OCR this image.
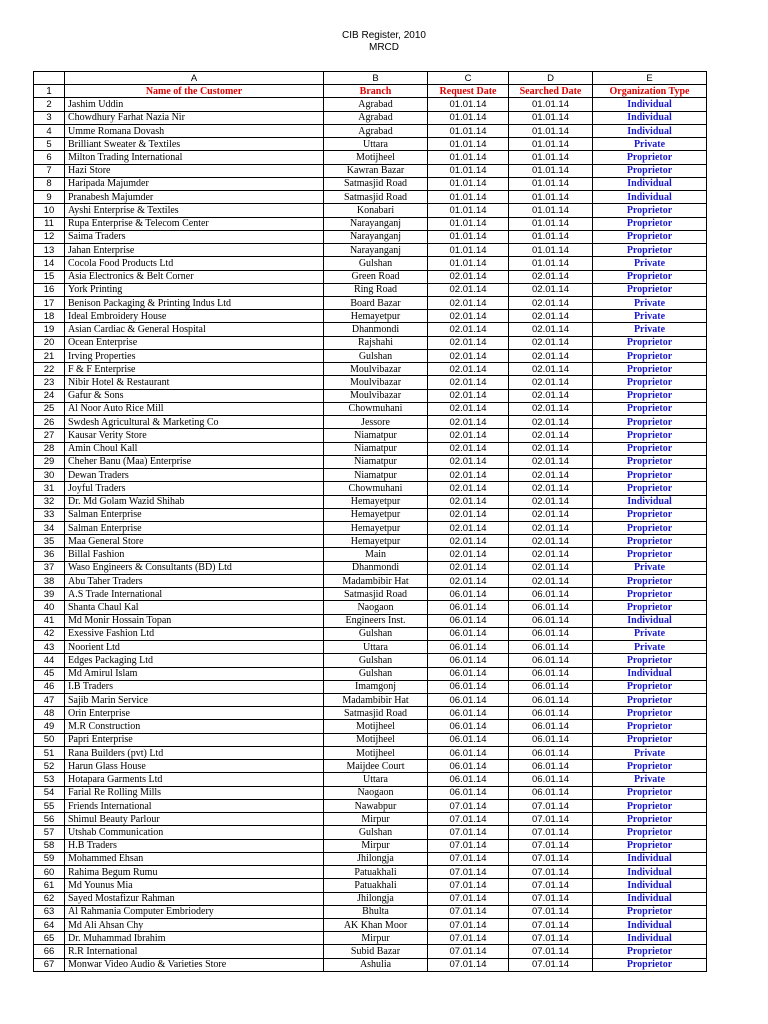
CIB Register, 2010
MRCD
	A	B	C	D	E
1	Name of the Customer	Branch	Request Date	Searched Date	Organization Type
2	Jashim Uddin	Agrabad	01.01.14	01.01.14	Individual
3	Chowdhury Farhat Nazia Nir	Agrabad	01.01.14	01.01.14	Individual
4	Umme Romana Dovash	Agrabad	01.01.14	01.01.14	Individual
5	Brilliant Sweater & Textiles	Uttara	01.01.14	01.01.14	Private
6	Milton Trading International	Motijheel	01.01.14	01.01.14	Proprietor
7	Hazi Store	Kawran Bazar	01.01.14	01.01.14	Proprietor
8	Haripada Majumder	Satmasjid Road	01.01.14	01.01.14	Individual
9	Pranabesh Majumder	Satmasjid Road	01.01.14	01.01.14	Individual
10	Ayshi Enterprise & Textiles	Konabari	01.01.14	01.01.14	Proprietor
11	Rupa Enterprise & Telecom Center	Narayanganj	01.01.14	01.01.14	Proprietor
12	Saima Traders	Narayanganj	01.01.14	01.01.14	Proprietor
13	Jahan Enterprise	Narayanganj	01.01.14	01.01.14	Proprietor
14	Cocola Food Products Ltd	Gulshan	01.01.14	01.01.14	Private
15	Asia Electronics & Belt Corner	Green Road	02.01.14	02.01.14	Proprietor
16	York Printing	Ring Road	02.01.14	02.01.14	Proprietor
17	Benison Packaging & Printing Indus Ltd	Board Bazar	02.01.14	02.01.14	Private
18	Ideal Embroidery House	Hemayetpur	02.01.14	02.01.14	Private
19	Asian Cardiac & General Hospital	Dhanmondi	02.01.14	02.01.14	Private
20	Ocean Enterprise	Rajshahi	02.01.14	02.01.14	Proprietor
21	Irving Properties	Gulshan	02.01.14	02.01.14	Proprietor
22	F & F Enterprise	Moulvibazar	02.01.14	02.01.14	Proprietor
23	Nibir Hotel & Restaurant	Moulvibazar	02.01.14	02.01.14	Proprietor
24	Gafur & Sons	Moulvibazar	02.01.14	02.01.14	Proprietor
25	Al Noor Auto Rice Mill	Chowmuhani	02.01.14	02.01.14	Proprietor
26	Swdesh Agricultural & Marketing Co	Jessore	02.01.14	02.01.14	Proprietor
27	Kausar Verity Store	Niamatpur	02.01.14	02.01.14	Proprietor
28	Amin Choul Kall	Niamatpur	02.01.14	02.01.14	Proprietor
29	Cheher Banu (Maa) Enterprise	Niamatpur	02.01.14	02.01.14	Proprietor
30	Dewan Traders	Niamatpur	02.01.14	02.01.14	Proprietor
31	Joyful Traders	Chowmuhani	02.01.14	02.01.14	Proprietor
32	Dr. Md Golam Wazid Shihab	Hemayetpur	02.01.14	02.01.14	Individual
33	Salman Enterprise	Hemayetpur	02.01.14	02.01.14	Proprietor
34	Salman Enterprise	Hemayetpur	02.01.14	02.01.14	Proprietor
35	Maa General Store	Hemayetpur	02.01.14	02.01.14	Proprietor
36	Billal Fashion	Main	02.01.14	02.01.14	Proprietor
37	Waso Engineers & Consultants (BD) Ltd	Dhanmondi	02.01.14	02.01.14	Private
38	Abu Taher Traders	Madambibir Hat	02.01.14	02.01.14	Proprietor
39	A.S Trade International	Satmasjid Road	06.01.14	06.01.14	Proprietor
40	Shanta Chaul Kal	Naogaon	06.01.14	06.01.14	Proprietor
41	Md Monir Hossain Topan	Engineers Inst.	06.01.14	06.01.14	Individual
42	Exessive Fashion Ltd	Gulshan	06.01.14	06.01.14	Private
43	Noorient Ltd	Uttara	06.01.14	06.01.14	Private
44	Edges Packaging Ltd	Gulshan	06.01.14	06.01.14	Proprietor
45	Md Amirul Islam	Gulshan	06.01.14	06.01.14	Individual
46	I.B Traders	Imamgonj	06.01.14	06.01.14	Proprietor
47	Sajib Marin Service	Madambibir Hat	06.01.14	06.01.14	Proprietor
48	Orin Enterprise	Satmasjid Road	06.01.14	06.01.14	Proprietor
49	M.R Construction	Motijheel	06.01.14	06.01.14	Proprietor
50	Papri Enterprise	Motijheel	06.01.14	06.01.14	Proprietor
51	Rana Builders (pvt) Ltd	Motijheel	06.01.14	06.01.14	Private
52	Harun Glass House	Maijdee Court	06.01.14	06.01.14	Proprietor
53	Hotapara Garments Ltd	Uttara	06.01.14	06.01.14	Private
54	Farial Re Rolling Mills	Naogaon	06.01.14	06.01.14	Proprietor
55	Friends International	Nawabpur	07.01.14	07.01.14	Proprietor
56	Shimul Beauty Parlour	Mirpur	07.01.14	07.01.14	Proprietor
57	Utshab Communication	Gulshan	07.01.14	07.01.14	Proprietor
58	H.B Traders	Mirpur	07.01.14	07.01.14	Proprietor
59	Mohammed Ehsan	Jhilongja	07.01.14	07.01.14	Individual
60	Rahima Begum Rumu	Patuakhali	07.01.14	07.01.14	Individual
61	Md Younus Mia	Patuakhali	07.01.14	07.01.14	Individual
62	Sayed Mostafizur Rahman	Jhilongja	07.01.14	07.01.14	Individual
63	Al Rahmania Computer Embriodery	Bhulta	07.01.14	07.01.14	Proprietor
64	Md Ali Ahsan Chy	AK Khan Moor	07.01.14	07.01.14	Individual
65	Dr. Muhammad Ibrahim	Mirpur	07.01.14	07.01.14	Individual
66	R.R International	Subid Bazar	07.01.14	07.01.14	Proprietor
67	Monwar Video Audio & Varieties Store	Ashulia	07.01.14	07.01.14	Proprietor
